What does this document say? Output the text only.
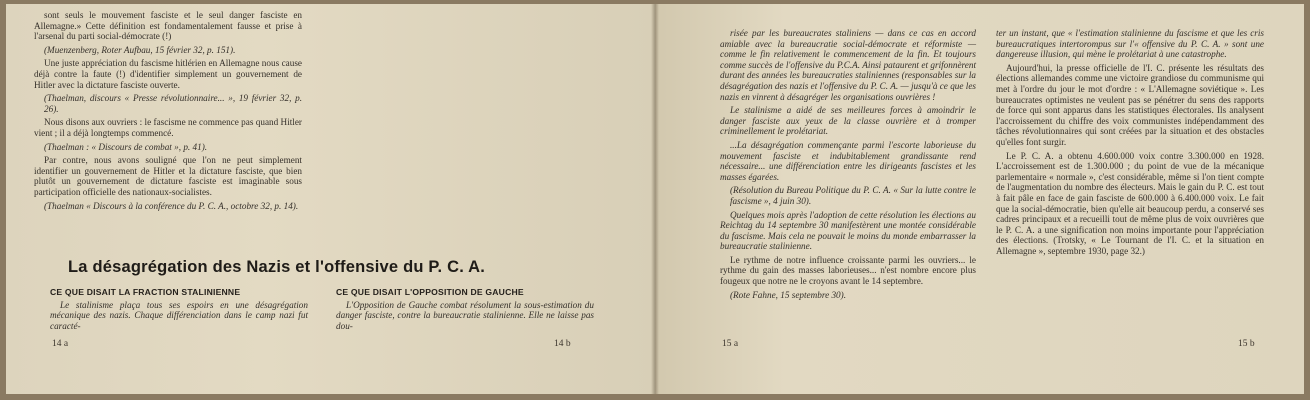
sont seuls le mouvement fasciste et le seul danger fasciste en Allemagne.» Cette définition est fondamentalement fausse et prise à l'arsenal du parti social-démocrate (!)

(Muenzenberg, Roter Aufbau, 15 février 32, p. 151).

Une juste appréciation du fascisme hitlérien en Allemagne nous cause déjà contre la faute (!) d'identifier simplement un gouvernement de Hitler avec la dictature fasciste ouverte.

(Thaelman, discours « Presse révolutionnaire... », 19 février 32, p. 26).

Nous disons aux ouvriers : le fascisme ne commence pas quand Hitler vient ; il a déjà longtemps commencé.

(Thaelman : « Discours de combat », p. 41).

Par contre, nous avons souligné que l'on ne peut simplement identifier un gouvernement de Hitler et la dictature fasciste, que bien plutôt un gouvernement de dictature fasciste est imaginable sous participation officielle des nationaux-socialistes.

(Thaelman « Discours à la conférence du P. C. A., octobre 32, p. 14).

La désagrégation des Nazis et l'offensive du P. C. A.

CE QUE DISAIT LA FRACTION STALINIENNE

Le stalinisme plaça tous ses espoirs en une désagrégation mécanique des nazis. Chaque différenciation dans le camp nazi fut caracté-

CE QUE DISAIT L'OPPOSITION DE GAUCHE

L'Opposition de Gauche combat résolument la sous-estimation du danger fasciste, contre la bureaucratie stalinienne. Elle ne laisse pas dou-

risée par les bureaucrates staliniens — dans ce cas en accord amiable avec la bureaucratie social-démocrate et réformiste — comme le fin relativement le commencement de la fin. Et toujours comme succès de l'offensive du P.C.A. Ainsi pataurent et grifonnèrent durant des années les bureaucraties staliniennes (responsables sur la désagrégation des nazis et l'offensive du P. C. A. — jusqu'à ce que les nazis en vinrent à désagréger les organisations ouvrières !

Le stalinisme a aidé de ses meilleures forces à amoindrir le danger fasciste aux yeux de la classe ouvrière et à tromper criminellement le prolétariat.

...La désagrégation commençante parmi l'escorte laborieuse du mouvement fasciste et indubitablement grandissante rend nécessaire... une différenciation entre les dirigeants fascistes et les masses égarées.

(Résolution du Bureau Politique du P. C. A. « Sur la lutte contre le fascisme », 4 juin 30).

Quelques mois après l'adoption de cette résolution les élections au Reichtag du 14 septembre 30 manifestèrent une montée considérable du fascisme. Mais cela ne pouvait le moins du monde embarrasser la bureaucratie stalinienne.

Le rythme de notre influence croissante parmi les ouvriers... le rythme du gain des masses laborieuses... n'est nombre encore plus fougeux que notre ne le croyons avant le 14 septembre.

(Rote Fahne, 15 septembre 30).

ter un instant, que « l'estimation stalinienne du fascisme et que les cris bureaucratiques intertorompus sur l'« offensive du P. C. A. » sont une dangereuse illusion, qui mène le prolétariat à une catastrophe.

Aujourd'hui, la presse officielle de l'I. C. présente les résultats des élections allemandes comme une victoire grandiose du communisme qui met à l'ordre du jour le mot d'ordre : « L'Allemagne soviétique ». Les bureaucrates optimistes ne veulent pas se pénétrer du sens des rapports de force qui sont apparus dans les statistiques électorales. Ils analysent l'accroissement du chiffre des voix communistes indépendamment des tâches révolutionnaires qui sont créées par la situation et des obstacles qu'elles font surgir.

Le P. C. A. a obtenu 4.600.000 voix contre 3.300.000 en 1928. L'accroissement est de 1.300.000 ; du point de vue de la mécanique parlementaire « normale », c'est considérable, même si l'on tient compte de l'augmentation du nombre des électeurs. Mais le gain du P. C. est tout à fait pâle en face de gain fasciste de 600.000 à 6.400.000 voix. Le fait que la social-démocratie, bien qu'elle ait beaucoup perdu, a conservé ses cadres principaux et a recueilli tout de même plus de voix ouvrières que le P. C. A. a une signification non moins importante pour l'appréciation des élections. (Trotsky, « Le Tournant de l'I. C. et la situation en Allemagne », septembre 1930, page 32.)

14 a	14 b	15 a	15 b
